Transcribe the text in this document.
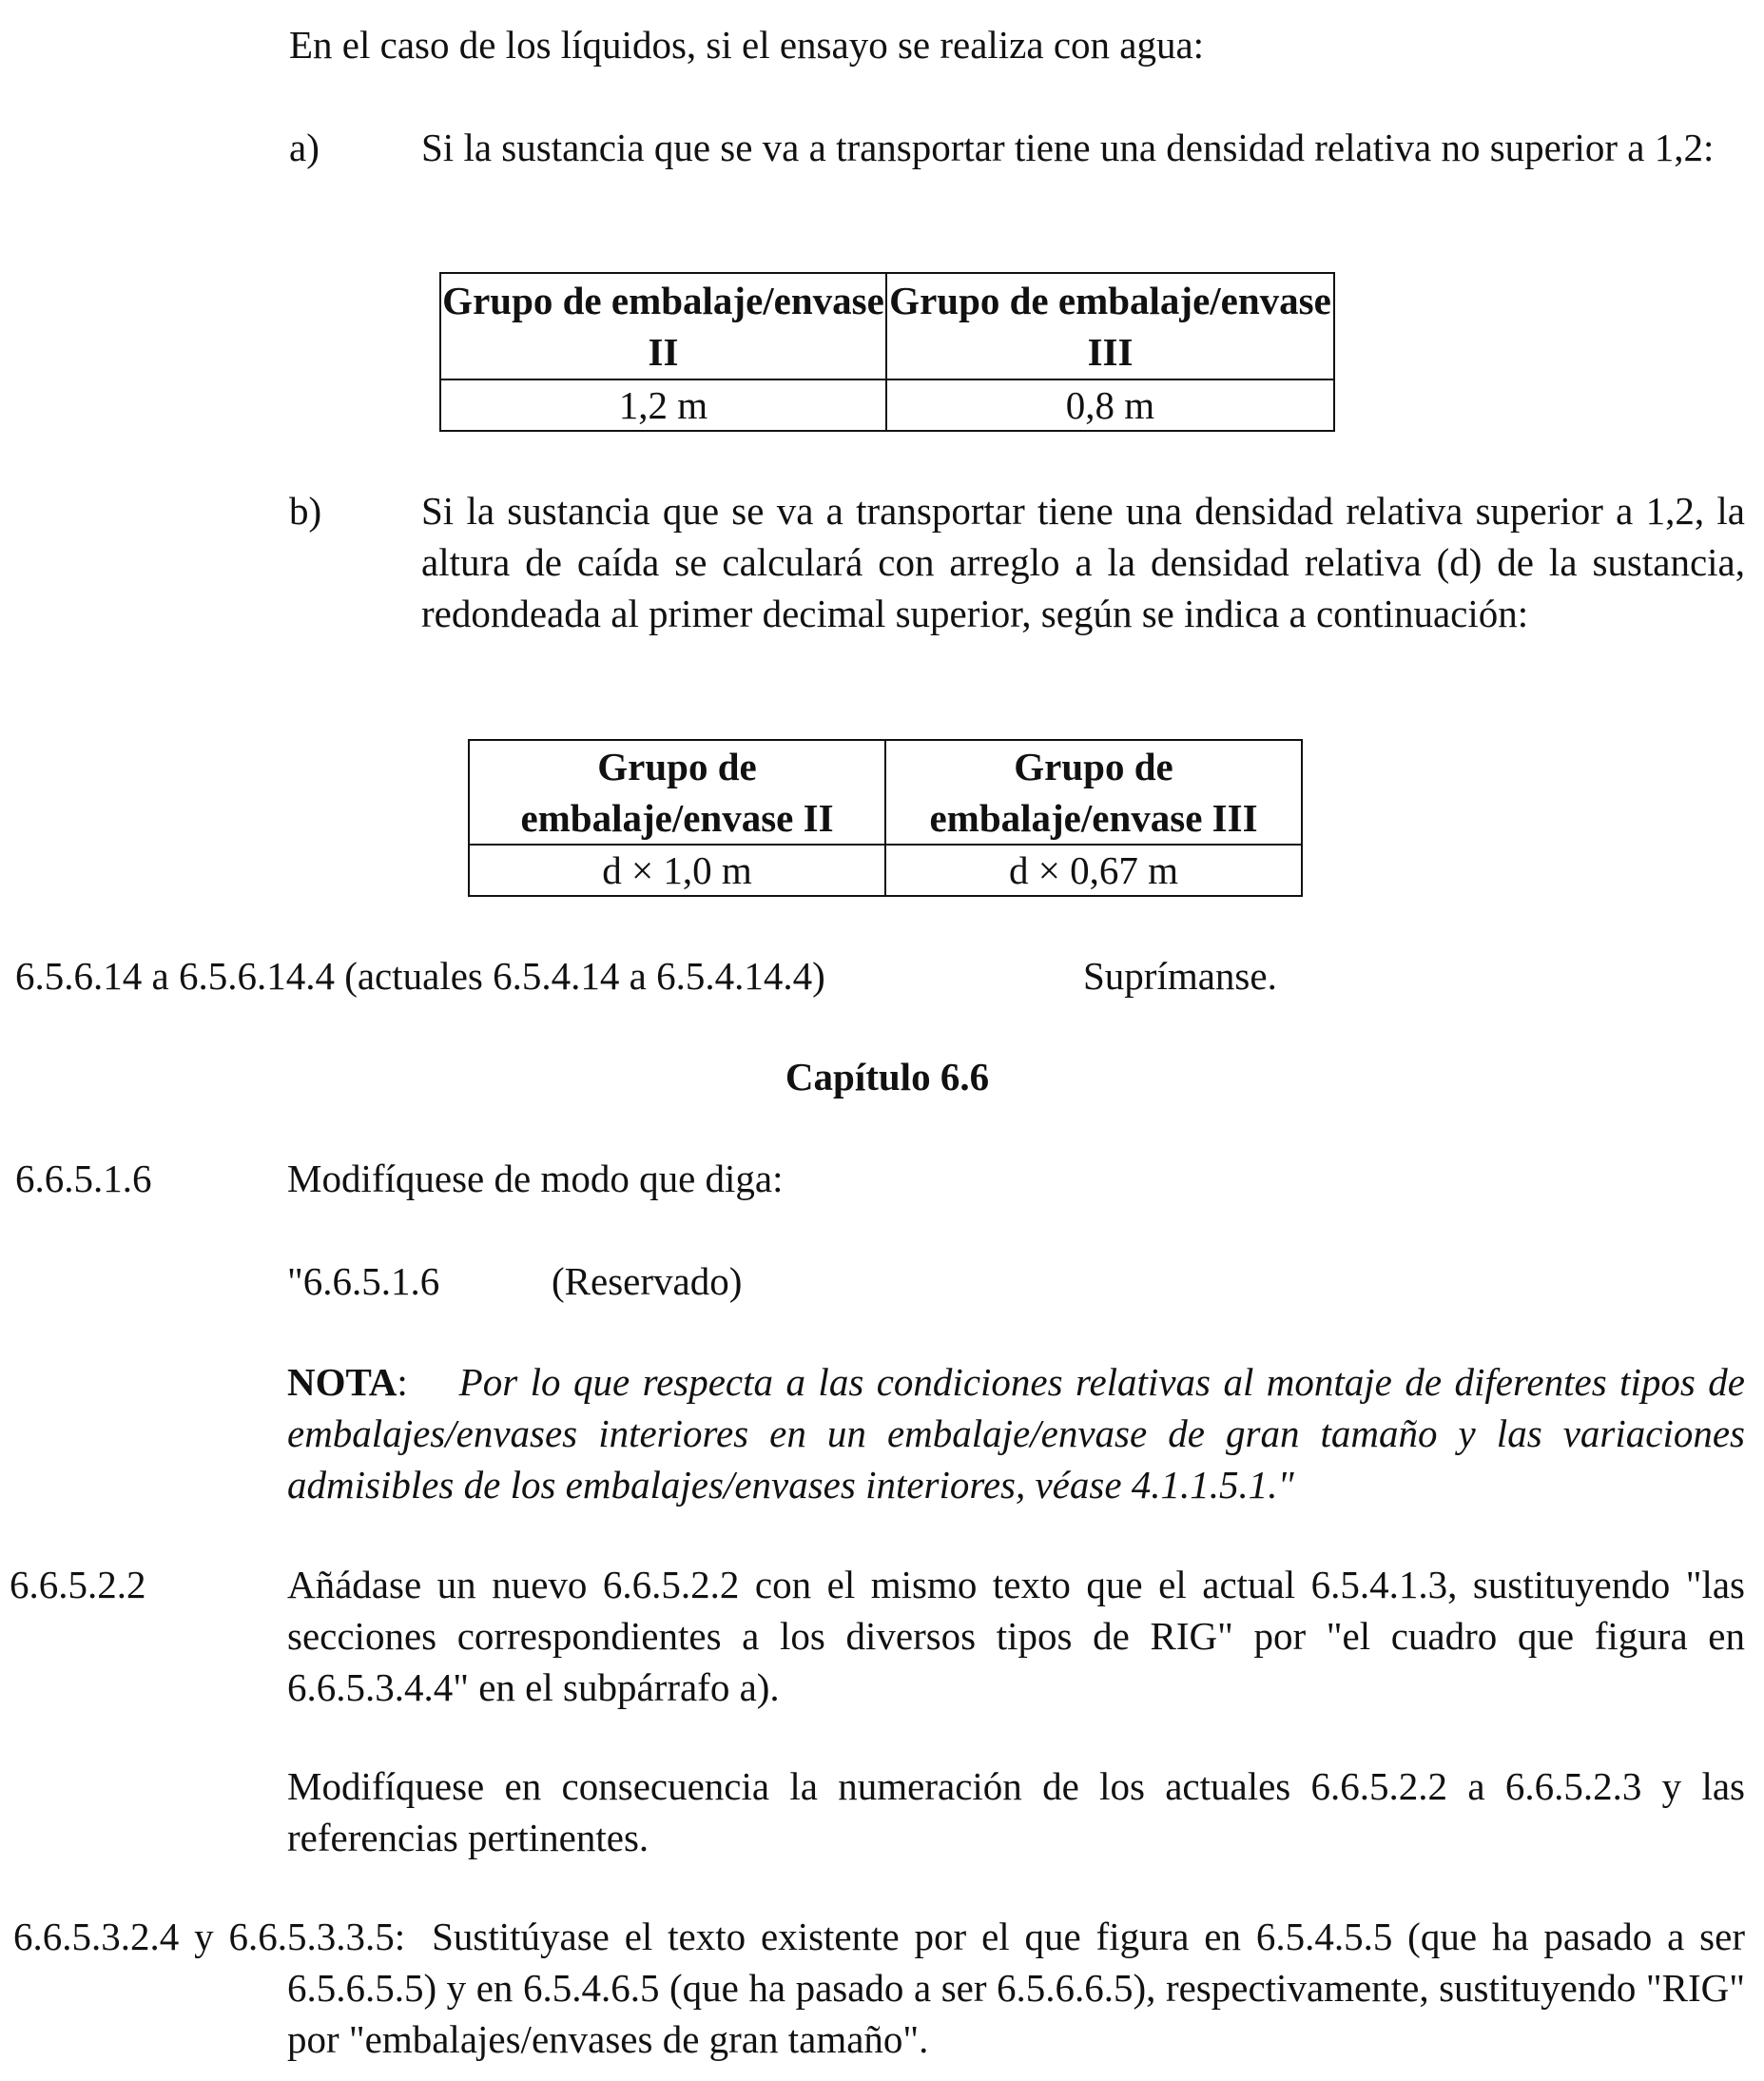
En el caso de los líquidos, si el ensayo se realiza con agua:
a)	Si la sustancia que se va a transportar tiene una densidad relativa no superior a 1,2:
Grupo de embalaje/envase II	Grupo de embalaje/envase III
1,2 m	0,8 m
b)	Si la sustancia que se va a transportar tiene una densidad relativa superior a 1,2, la altura de caída se calculará con arreglo a la densidad relativa (d) de la sustancia, redondeada al primer decimal superior, según se indica a continuación:
Grupo de embalaje/envase II	Grupo de embalaje/envase III
d × 1,0 m	d × 0,67 m
6.5.6.14 a 6.5.6.14.4 (actuales 6.5.4.14 a 6.5.4.14.4)	Suprímanse.
Capítulo 6.6
6.6.5.1.6	Modifíquese de modo que diga:
"6.6.5.1.6	(Reservado)
NOTA: Por lo que respecta a las condiciones relativas al montaje de diferentes tipos de embalajes/envases interiores en un embalaje/envase de gran tamaño y las variaciones admisibles de los embalajes/envases interiores, véase 4.1.1.5.1."
6.6.5.2.2	Añádase un nuevo 6.6.5.2.2 con el mismo texto que el actual 6.5.4.1.3, sustituyendo "las secciones correspondientes a los diversos tipos de RIG" por "el cuadro que figura en 6.6.5.3.4.4" en el subpárrafo a).
Modifíquese en consecuencia la numeración de los actuales 6.6.5.2.2 a 6.6.5.2.3 y las referencias pertinentes.
6.6.5.3.2.4 y 6.6.5.3.3.5: Sustitúyase el texto existente por el que figura en 6.5.4.5.5 (que ha pasado a ser 6.5.6.5.5) y en 6.5.4.6.5 (que ha pasado a ser 6.5.6.6.5), respectivamente, sustituyendo "RIG" por "embalajes/envases de gran tamaño".
